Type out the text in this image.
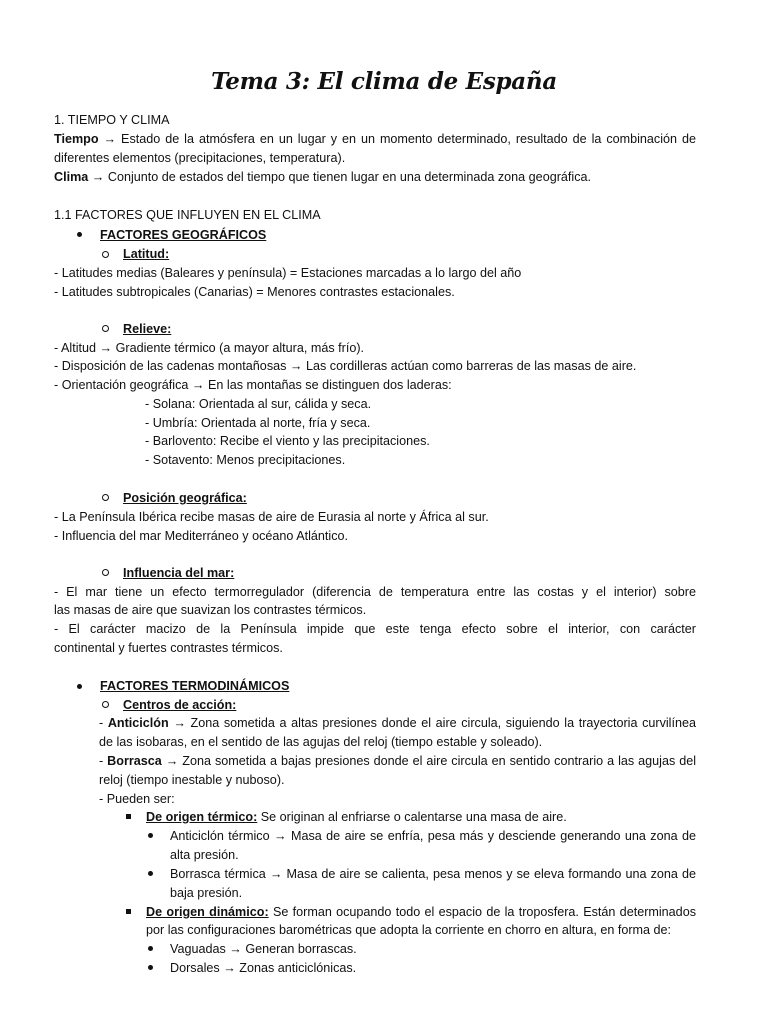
Tema 3: El clima de España
1. TIEMPO Y CLIMA
Tiempo → Estado de la atmósfera en un lugar y en un momento determinado, resultado de la combinación de
diferentes elementos (precipitaciones, temperatura).
Clima → Conjunto de estados del tiempo que tienen lugar en una determinada zona geográfica.
1.1 FACTORES QUE INFLUYEN EN EL CLIMA
FACTORES GEOGRÁFICOS
Latitud:
- Latitudes medias (Baleares y península) = Estaciones marcadas a lo largo del año
- Latitudes subtropicales (Canarias) = Menores contrastes estacionales.
Relieve:
- Altitud → Gradiente térmico (a mayor altura, más frío).
- Disposición de las cadenas montañosas → Las cordilleras actúan como barreras de las masas de aire.
- Orientación geográfica → En las montañas se distinguen dos laderas:
- Solana: Orientada al sur, cálida y seca.
- Umbría: Orientada al norte, fría y seca.
- Barlovento: Recibe el viento y las precipitaciones.
- Sotavento: Menos precipitaciones.
Posición geográfica:
- La Península Ibérica recibe masas de aire de Eurasia al norte y África al sur.
- Influencia del mar Mediterráneo y océano Atlántico.
Influencia del mar:
- El mar tiene un efecto termorregulador (diferencia de temperatura entre las costas y el interior) sobre
las masas de aire que suavizan los contrastes térmicos.
- El carácter macizo de la Península impide que este tenga efecto sobre el interior, con carácter
continental y fuertes contrastes térmicos.
FACTORES TERMODINÁMICOS
Centros de acción:
- Anticiclón → Zona sometida a altas presiones donde el aire circula, siguiendo la trayectoria curvilínea
de las isobaras, en el sentido de las agujas del reloj (tiempo estable y soleado).
- Borrasca → Zona sometida a bajas presiones donde el aire circula en sentido contrario a las agujas del
reloj (tiempo inestable y nuboso).
- Pueden ser:
De origen térmico: Se originan al enfriarse o calentarse una masa de aire.
Anticiclón térmico → Masa de aire se enfría, pesa más y desciende generando una zona de
alta presión.
Borrasca térmica → Masa de aire se calienta, pesa menos y se eleva formando una zona de
baja presión.
De origen dinámico: Se forman ocupando todo el espacio de la troposfera. Están determinados
por las configuraciones barométricas que adopta la corriente en chorro en altura, en forma de:
Vaguadas → Generan borrascas.
Dorsales → Zonas anticiclónicas.
